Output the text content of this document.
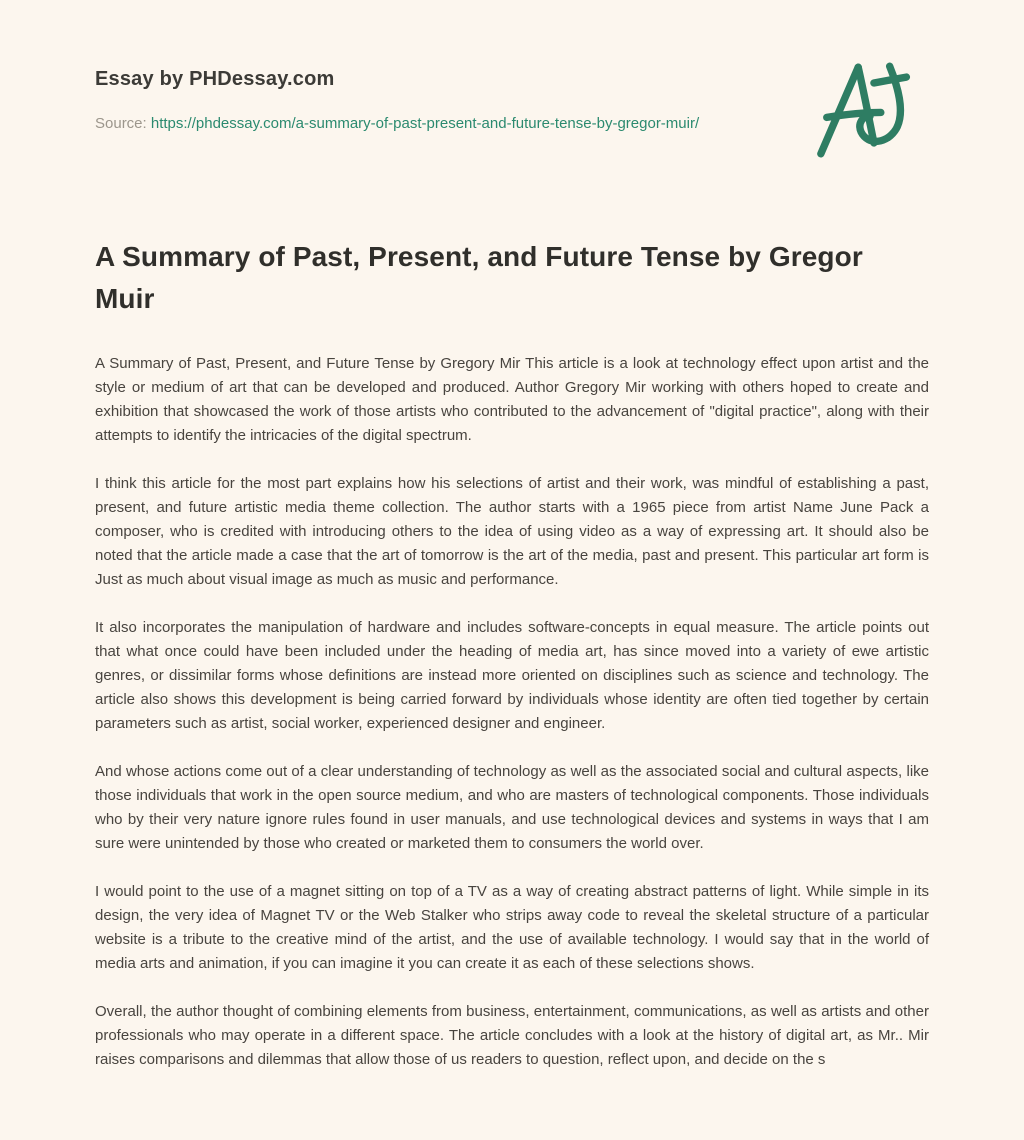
Essay by PHDessay.com
Source: https://phdessay.com/a-summary-of-past-present-and-future-tense-by-gregor-muir/
A Summary of Past, Present, and Future Tense by Gregor Muir

A Summary of Past, Present, and Future Tense by Gregory Mir This article is a look at technology effect upon artist and the style or medium of art that can be developed and produced. Author Gregory Mir working with others hoped to create and exhibition that showcased the work of those artists who contributed to the advancement of "digital practice", along with their attempts to identify the intricacies of the digital spectrum.

I think this article for the most part explains how his selections of artist and their work, was mindful of establishing a past, present, and future artistic media theme collection. The author starts with a 1965 piece from artist Name June Pack a composer, who is credited with introducing others to the idea of using video as a way of expressing art. It should also be noted that the article made a case that the art of tomorrow is the art of the media, past and present. This particular art form is Just as much about visual image as much as music and performance.

It also incorporates the manipulation of hardware and includes software-concepts in equal measure. The article points out that what once could have been included under the heading of media art, has since moved into a variety of ewe artistic genres, or dissimilar forms whose definitions are instead more oriented on disciplines such as science and technology. The article also shows this development is being carried forward by individuals whose identity are often tied together by certain parameters such as artist, social worker, experienced designer and engineer.

And whose actions come out of a clear understanding of technology as well as the associated social and cultural aspects, like those individuals that work in the open source medium, and who are masters of technological components. Those individuals who by their very nature ignore rules found in user manuals, and use technological devices and systems in ways that I am sure were unintended by those who created or marketed them to consumers the world over.

I would point to the use of a magnet sitting on top of a TV as a way of creating abstract patterns of light. While simple in its design, the very idea of Magnet TV or the Web Stalker who strips away code to reveal the skeletal structure of a particular website is a tribute to the creative mind of the artist, and the use of available technology. I would say that in the world of media arts and animation, if you can imagine it you can create it as each of these selections shows.

Overall, the author thought of combining elements from business, entertainment, communications, as well as artists and other professionals who may operate in a different space. The article concludes with a look at the history of digital art, as Mr.. Mir raises comparisons and dilemmas that allow those of us readers to question, reflect upon, and decide on the s
